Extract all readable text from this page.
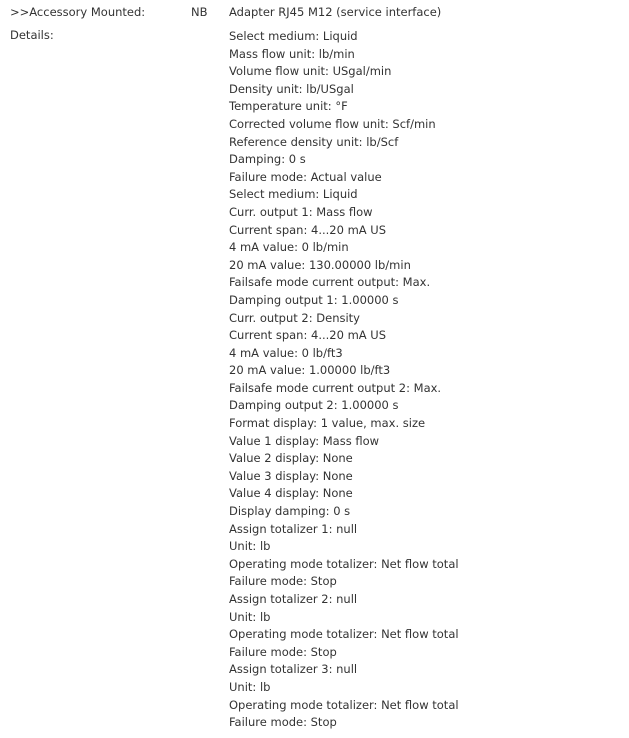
>>Accessory Mounted:	NB Adapter RJ45 M12 (service interface)
Details:	Select medium: Liquid
Mass flow unit: lb/min
Volume flow unit: USgal/min
Density unit: lb/USgal
Temperature unit: °F
Corrected volume flow unit: Scf/min
Reference density unit: lb/Scf
Damping: 0 s
Failure mode: Actual value
Select medium: Liquid
Curr. output 1: Mass flow
Current span: 4...20 mA US
4 mA value: 0 lb/min
20 mA value: 130.00000 lb/min
Failsafe mode current output: Max.
Damping output 1: 1.00000 s
Curr. output 2: Density
Current span: 4...20 mA US
4 mA value: 0 lb/ft3
20 mA value: 1.00000 lb/ft3
Failsafe mode current output 2: Max.
Damping output 2: 1.00000 s
Format display: 1 value, max. size
Value 1 display: Mass flow
Value 2 display: None
Value 3 display: None
Value 4 display: None
Display damping: 0 s
Assign totalizer 1: null
Unit: lb
Operating mode totalizer: Net flow total
Failure mode: Stop
Assign totalizer 2: null
Unit: lb
Operating mode totalizer: Net flow total
Failure mode: Stop
Assign totalizer 3: null
Unit: lb
Operating mode totalizer: Net flow total
Failure mode: Stop
